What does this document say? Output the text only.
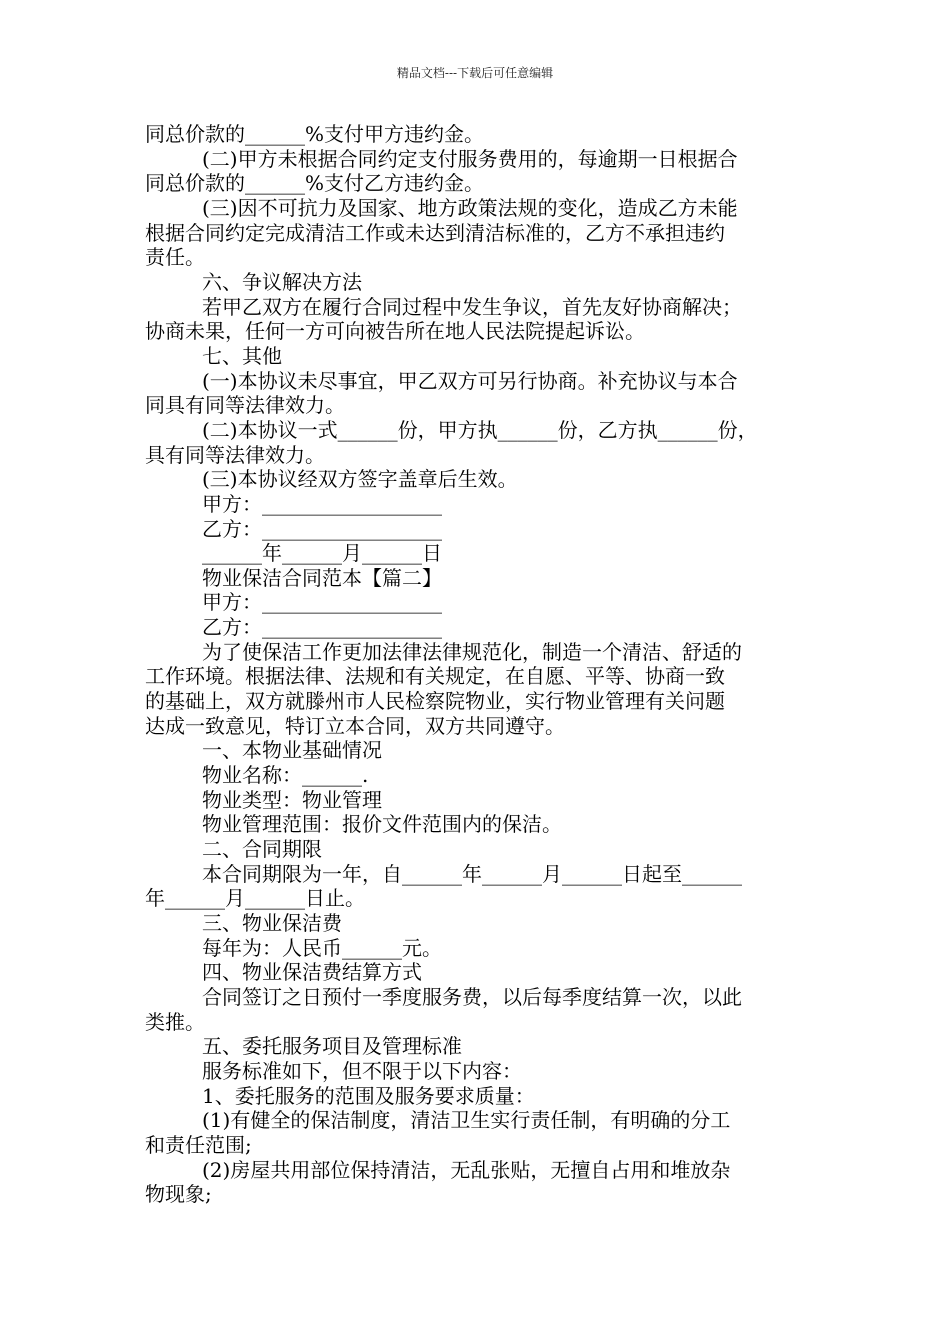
精品文档---下载后可任意编辑
同总价款的______%支付甲方违约金。
(二)甲方未根据合同约定支付服务费用的，每逾期一日根据合
同总价款的______%支付乙方违约金。
(三)因不可抗力及国家、地方政策法规的变化，造成乙方未能
根据合同约定完成清洁工作或未达到清洁标准的，乙方不承担违约
责任。
六、争议解决方法
若甲乙双方在履行合同过程中发生争议，首先友好协商解决；
协商未果，任何一方可向被告所在地人民法院提起诉讼。
七、其他
(一)本协议未尽事宜，甲乙双方可另行协商。补充协议与本合
同具有同等法律效力。
(二)本协议一式______份，甲方执______份，乙方执______份，
具有同等法律效力。
(三)本协议经双方签字盖章后生效。
甲方：__________________
乙方：__________________
______年______月______日
物业保洁合同范本【篇二】
甲方：__________________
乙方：__________________
为了使保洁工作更加法律法律规范化，制造一个清洁、舒适的
工作环境。根据法律、法规和有关规定，在自愿、平等、协商一致
的基础上，双方就滕州市人民检察院物业，实行物业管理有关问题
达成一致意见，特订立本合同，双方共同遵守。
一、本物业基础情况
物业名称：______.
物业类型：物业管理
物业管理范围：报价文件范围内的保洁。
二、合同期限
本合同期限为一年，自______年______月______日起至______
年______月______日止。
三、物业保洁费
每年为：人民币______元。
四、物业保洁费结算方式
合同签订之日预付一季度服务费，以后每季度结算一次，以此
类推。
五、委托服务项目及管理标准
服务标准如下，但不限于以下内容：
1、委托服务的范围及服务要求质量：
(1)有健全的保洁制度，清洁卫生实行责任制，有明确的分工
和责任范围;
(2)房屋共用部位保持清洁，无乱张贴，无擅自占用和堆放杂
物现象;
